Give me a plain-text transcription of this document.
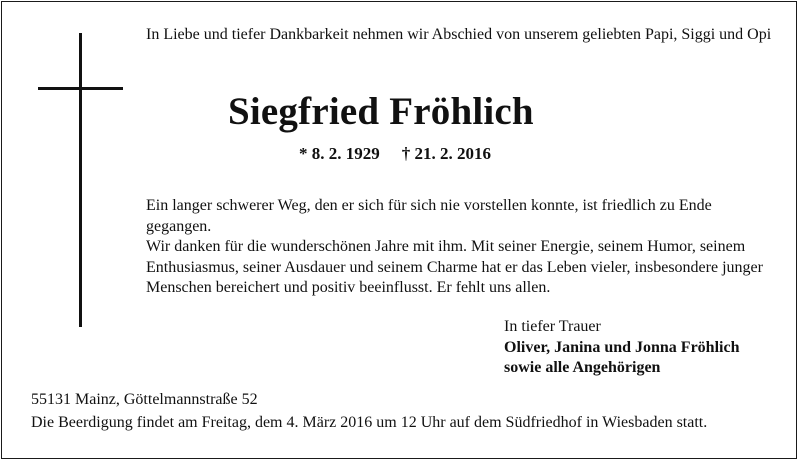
In Liebe und tiefer Dankbarkeit nehmen wir Abschied von unserem geliebten Papi, Siggi und Opi
Siegfried Fröhlich
* 8. 2. 1929 † 21. 2. 2016

Ein langer schwerer Weg, den er sich für sich nie vorstellen konnte, ist friedlich zu Ende gegangen.

Wir danken für die wunderschönen Jahre mit ihm. Mit seiner Energie, seinem Humor, seinem Enthusiasmus, seiner Ausdauer und seinem Charme hat er das Leben vieler, insbesondere junger Menschen bereichert und positiv beeinflusst. Er fehlt uns allen.

In tiefer Trauer
Oliver, Janina und Jonna Fröhlich
sowie alle Angehörigen
55131 Mainz, Göttelmannstraße 52
Die Beerdigung findet am Freitag, dem 4. März 2016 um 12 Uhr auf dem Südfriedhof in Wiesbaden statt.
